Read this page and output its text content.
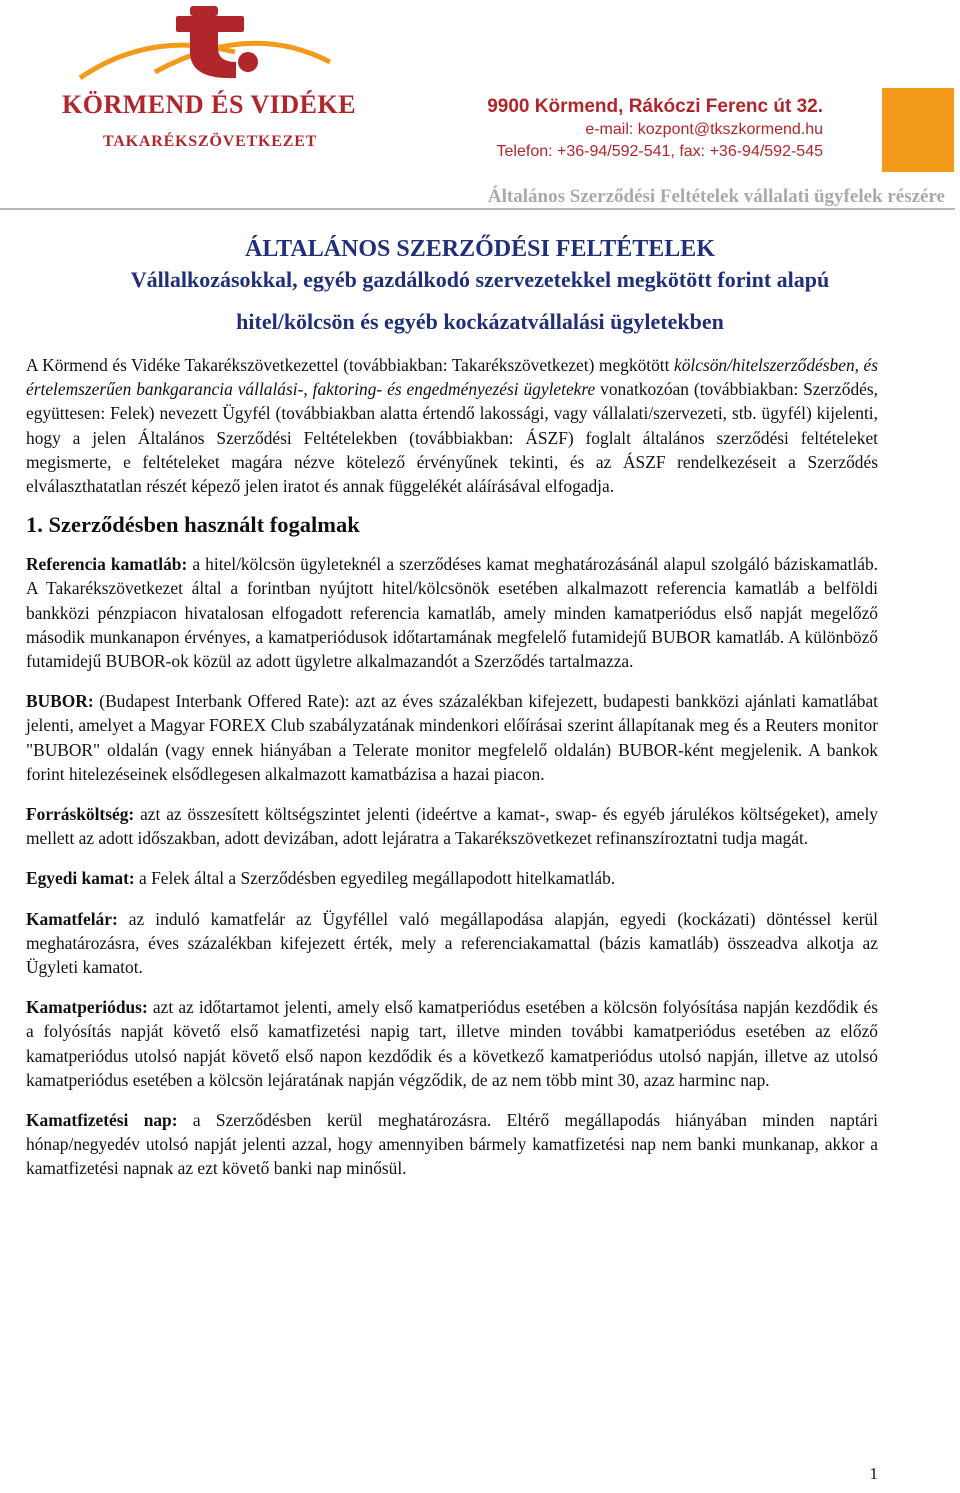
KÖRMEND ÉS VIDÉKE
TAKARÉKSZÖVETKEZET
9900 Körmend, Rákóczi Ferenc út 32.
e-mail: kozpont@tkszkormend.hu
Telefon: +36-94/592-541, fax: +36-94/592-545
Általános Szerződési Feltételek vállalati ügyfelek részére
ÁLTALÁNOS SZERZŐDÉSI FELTÉTELEK
Vállalkozásokkal, egyéb gazdálkodó szervezetekkel megkötött forint alapú
hitel/kölcsön és egyéb kockázatvállalási ügyletekben

A Körmend és Vidéke Takarékszövetkezettel (továbbiakban: Takarékszövetkezet) megkötött kölcsön/hitelszerződésben, és értelemszerűen bankgarancia vállalási-, faktoring- és engedményezési ügyletekre vonatkozóan (továbbiakban: Szerződés, együttesen: Felek) nevezett Ügyfél (továbbiakban alatta értendő lakossági, vagy vállalati/szervezeti, stb. ügyfél) kijelenti, hogy a jelen Általános Szerződési Feltételekben (továbbiakban: ÁSZF) foglalt általános szerződési feltételeket megismerte, e feltételeket magára nézve kötelező érvényűnek tekinti, és az ÁSZF rendelkezéseit a Szerződés elválaszthatatlan részét képező jelen iratot és annak függelékét aláírásával elfogadja.

1. Szerződésben használt fogalmak

Referencia kamatláb: a hitel/kölcsön ügyleteknél a szerződéses kamat meghatározásánál alapul szolgáló báziskamatláb. A Takarékszövetkezet által a forintban nyújtott hitel/kölcsönök esetében alkalmazott referencia kamatláb a belföldi bankközi pénzpiacon hivatalosan elfogadott referencia kamatláb, amely minden kamatperiódus első napját megelőző második munkanapon érvényes, a kamatperiódusok időtartamának megfelelő futamidejű BUBOR kamatláb. A különböző futamidejű BUBOR-ok közül az adott ügyletre alkalmazandót a Szerződés tartalmazza.

BUBOR: (Budapest Interbank Offered Rate): azt az éves százalékban kifejezett, budapesti bankközi ajánlati kamatlábat jelenti, amelyet a Magyar FOREX Club szabályzatának mindenkori előírásai szerint állapítanak meg és a Reuters monitor "BUBOR" oldalán (vagy ennek hiányában a Telerate monitor megfelelő oldalán) BUBOR-ként megjelenik. A bankok forint hitelezéseinek elsődlegesen alkalmazott kamatbázisa a hazai piacon.

Forrásköltség: azt az összesített költségszintet jelenti (ideértve a kamat-, swap- és egyéb járulékos költségeket), amely mellett az adott időszakban, adott devizában, adott lejáratra a Takarékszövetkezet refinanszíroztatni tudja magát.

Egyedi kamat: a Felek által a Szerződésben egyedileg megállapodott hitelkamatláb.

Kamatfelár: az induló kamatfelár az Ügyféllel való megállapodása alapján, egyedi (kockázati) döntéssel kerül meghatározásra, éves százalékban kifejezett érték, mely a referenciakamattal (bázis kamatláb) összeadva alkotja az Ügyleti kamatot.

Kamatperiódus: azt az időtartamot jelenti, amely első kamatperiódus esetében a kölcsön folyósítása napján kezdődik és a folyósítás napját követő első kamatfizetési napig tart, illetve minden további kamatperiódus esetében az előző kamatperiódus utolsó napját követő első napon kezdődik és a következő kamatperiódus utolsó napján, illetve az utolsó kamatperiódus esetében a kölcsön lejáratának napján végződik, de az nem több mint 30, azaz harminc nap.

Kamatfizetési nap: a Szerződésben kerül meghatározásra. Eltérő megállapodás hiányában minden naptári hónap/negyedév utolsó napját jelenti azzal, hogy amennyiben bármely kamatfizetési nap nem banki munkanap, akkor a kamatfizetési napnak az ezt követő banki nap minősül.

1
